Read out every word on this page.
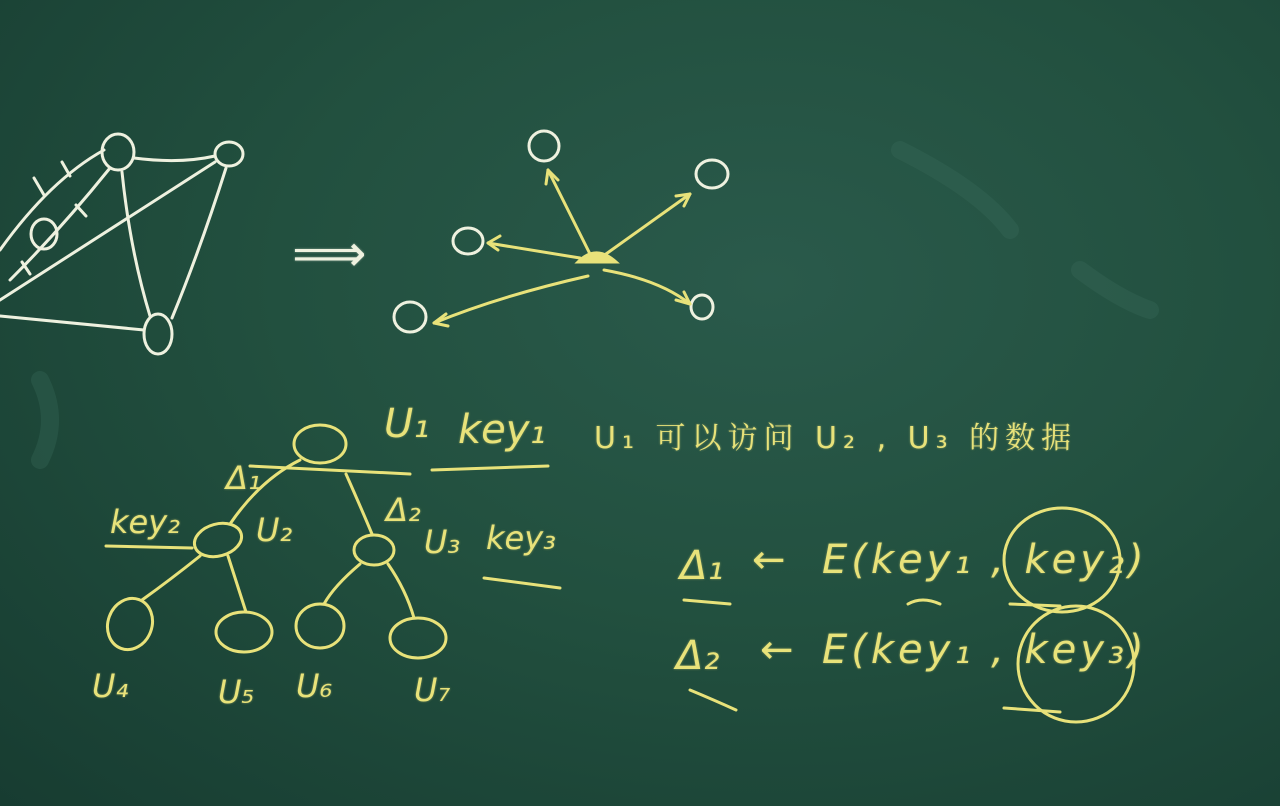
⟹
U₁ key₁
Δ₁
Δ₂
key₂ U₂	U₃ key₃
U₄	U₅ U₆	U₇
U₁ 可以访问 U₂ , U₃ 的数据
Δ₁ ← E(key₁ , key₂)
Δ₂ ← E(key₁ , key₃)
